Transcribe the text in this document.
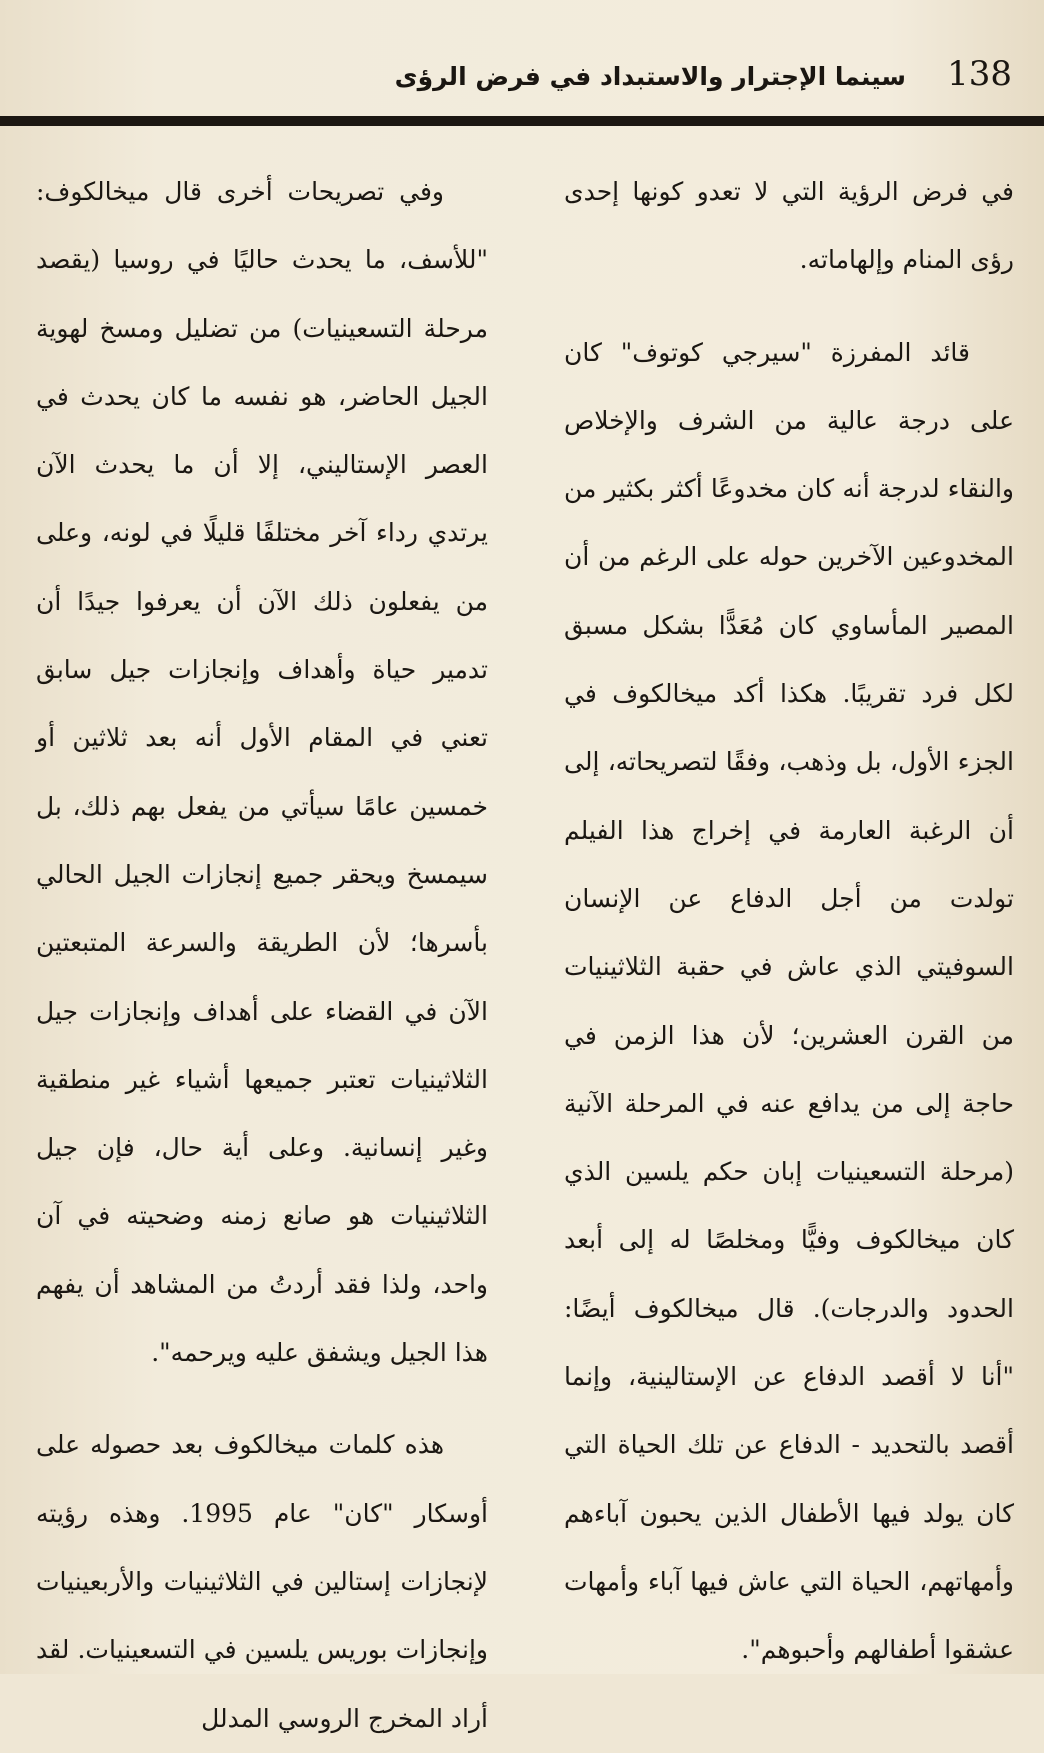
138
سينما الإجترار والاستبداد في فرض الرؤى

في فرض الرؤية التي لا تعدو كونها إحدى رؤى المنام وإلهاماته.

قائد المفرزة "سيرجي كوتوف" كان على درجة عالية من الشرف والإخلاص والنقاء لدرجة أنه كان مخدوعًا أكثر بكثير من المخدوعين الآخرين حوله على الرغم من أن المصير المأساوي كان مُعَدًّا بشكل مسبق لكل فرد تقريبًا. هكذا أكد ميخالكوف في الجزء الأول، بل وذهب، وفقًا لتصريحاته، إلى أن الرغبة العارمة في إخراج هذا الفيلم تولدت من أجل الدفاع عن الإنسان السوفيتي الذي عاش في حقبة الثلاثينيات من القرن العشرين؛ لأن هذا الزمن في حاجة إلى من يدافع عنه في المرحلة الآنية (مرحلة التسعينيات إبان حكم يلسين الذي كان ميخالكوف وفيًّا ومخلصًا له إلى أبعد الحدود والدرجات). قال ميخالكوف أيضًا: "أنا لا أقصد الدفاع عن الإستالينية، وإنما أقصد بالتحديد - الدفاع عن تلك الحياة التي كان يولد فيها الأطفال الذين يحبون آباءهم وأمهاتهم، الحياة التي عاش فيها آباء وأمهات عشقوا أطفالهم وأحبوهم".

وفي تصريحات أخرى قال ميخالكوف: "للأسف، ما يحدث حاليًا في روسيا (يقصد مرحلة التسعينيات) من تضليل ومسخ لهوية الجيل الحاضر، هو نفسه ما كان يحدث في العصر الإستاليني، إلا أن ما يحدث الآن يرتدي رداء آخر مختلفًا قليلًا في لونه، وعلى من يفعلون ذلك الآن أن يعرفوا جيدًا أن تدمير حياة وأهداف وإنجازات جيل سابق تعني في المقام الأول أنه بعد ثلاثين أو خمسين عامًا سيأتي من يفعل بهم ذلك، بل سيمسخ ويحقر جميع إنجازات الجيل الحالي بأسرها؛ لأن الطريقة والسرعة المتبعتين الآن في القضاء على أهداف وإنجازات جيل الثلاثينيات تعتبر جميعها أشياء غير منطقية وغير إنسانية. وعلى أية حال، فإن جيل الثلاثينيات هو صانع زمنه وضحيته في آن واحد، ولذا فقد أردتُ من المشاهد أن يفهم هذا الجيل ويشفق عليه ويرحمه".

هذه كلمات ميخالكوف بعد حصوله على أوسكار "كان" عام 1995. وهذه رؤيته لإنجازات إستالين في الثلاثينيات والأربعينيات وإنجازات بوريس يلسين في التسعينيات. لقد أراد المخرج الروسي المدلل
